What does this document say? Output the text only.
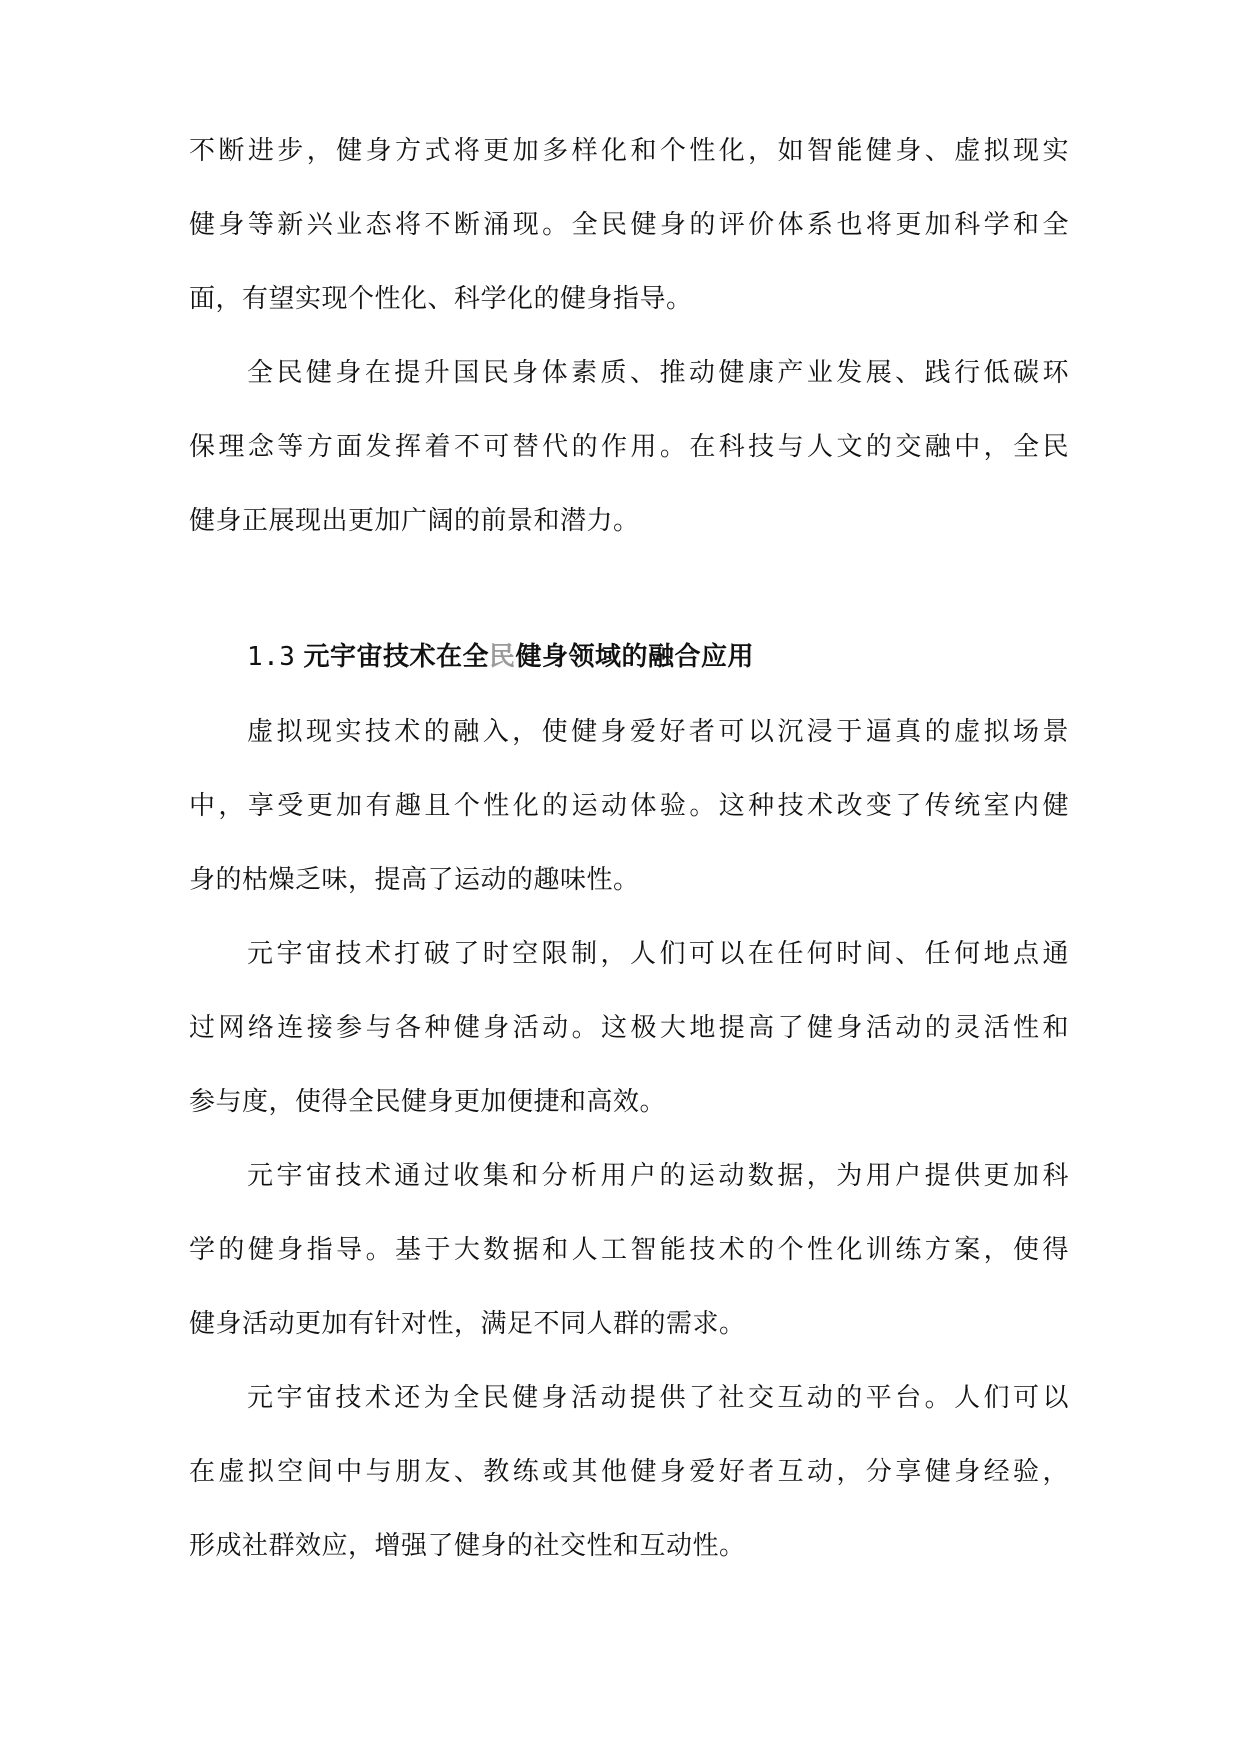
不断进步，健身方式将更加多样化和个性化，如智能健身、虚拟现实

健身等新兴业态将不断涌现。全民健身的评价体系也将更加科学和全

面，有望实现个性化、科学化的健身指导。

全民健身在提升国民身体素质、推动健康产业发展、践行低碳环

保理念等方面发挥着不可替代的作用。在科技与人文的交融中，全民

健身正展现出更加广阔的前景和潜力。

1.3 元宇宙技术在全民健身领域的融合应用

虚拟现实技术的融入，使健身爱好者可以沉浸于逼真的虚拟场景

中，享受更加有趣且个性化的运动体验。这种技术改变了传统室内健

身的枯燥乏味，提高了运动的趣味性。

元宇宙技术打破了时空限制，人们可以在任何时间、任何地点通

过网络连接参与各种健身活动。这极大地提高了健身活动的灵活性和

参与度，使得全民健身更加便捷和高效。

元宇宙技术通过收集和分析用户的运动数据，为用户提供更加科

学的健身指导。基于大数据和人工智能技术的个性化训练方案，使得

健身活动更加有针对性，满足不同人群的需求。

元宇宙技术还为全民健身活动提供了社交互动的平台。人们可以

在虚拟空间中与朋友、教练或其他健身爱好者互动，分享健身经验，

形成社群效应，增强了健身的社交性和互动性。
